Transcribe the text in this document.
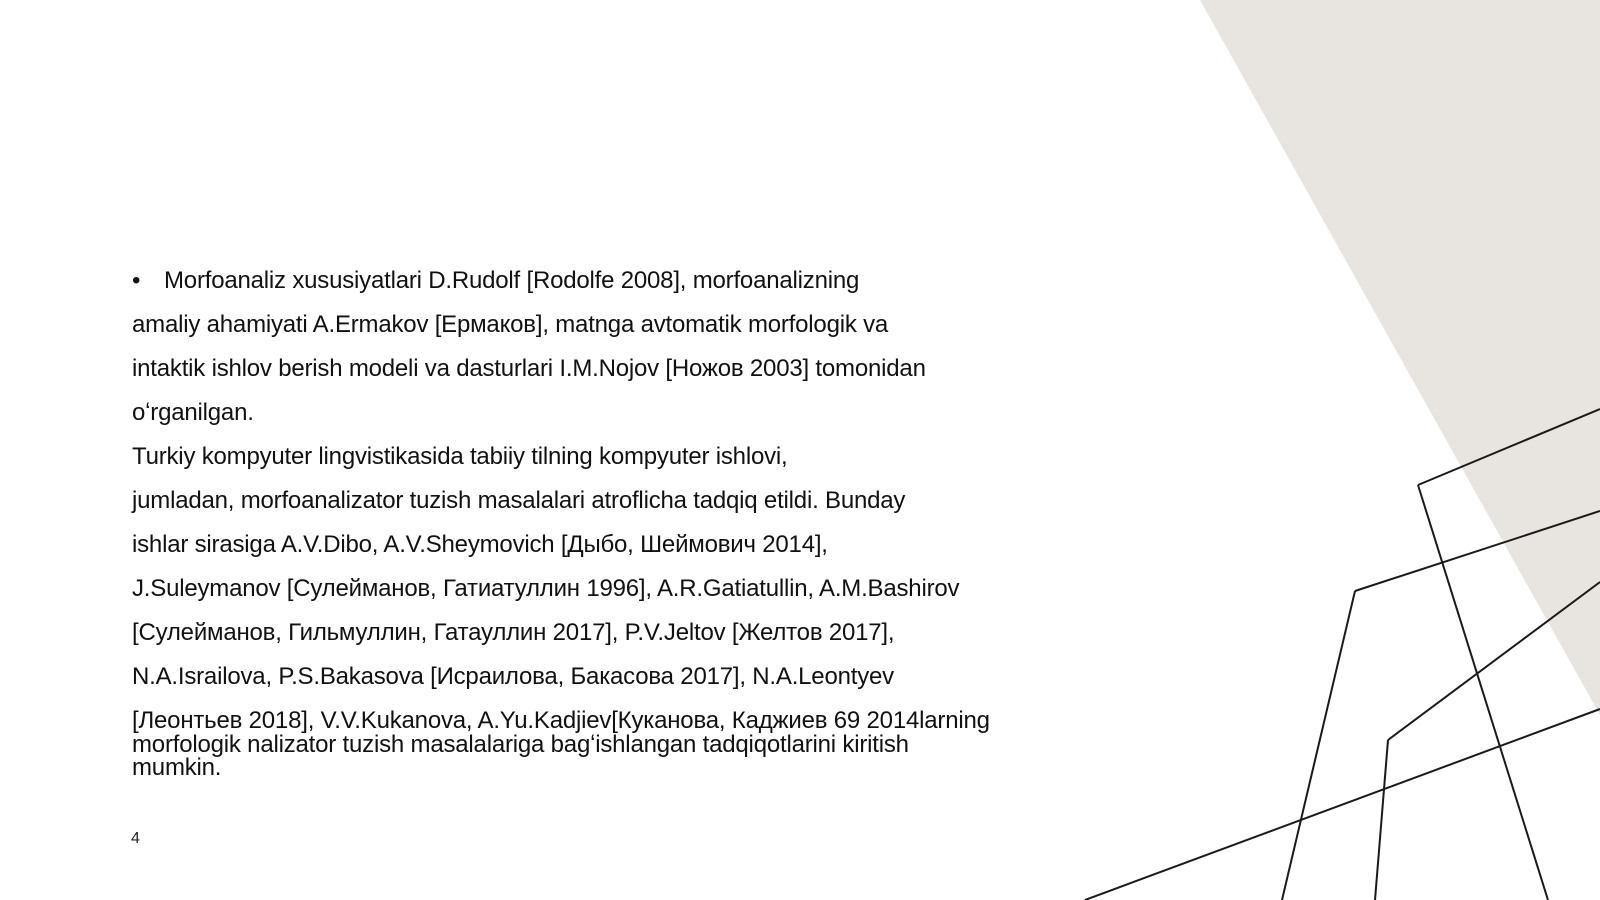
• Morfoanaliz xususiyatlari D.Rudolf [Rodolfe 2008], morfoanalizning
amaliy ahamiyati A.Ermakov [Ермаков], matnga avtomatik morfologik va
intaktik ishlov berish modeli va dasturlari I.M.Nojov [Ножов 2003] tomonidan
oʻrganilgan.
Turkiy kompyuter lingvistikasida tabiiy tilning kompyuter ishlovi,
jumladan, morfoanalizator tuzish masalalari atroflicha tadqiq etildi. Bunday
ishlar sirasiga A.V.Dibo, A.V.Sheymovich [Дыбо, Шеймович 2014],
J.Suleymanov [Сулейманов, Гатиатуллин 1996], A.R.Gatiatullin, A.M.Bashirov
[Сулейманов, Гильмуллин, Гатауллин 2017], P.V.Jeltov [Желтов 2017],
N.A.Israilova, P.S.Bakasova [Исраилова, Бакасова 2017], N.A.Leontyev
[Леонтьев 2018], V.V.Kukanova, A.Yu.Kadjiev[Куканова, Каджиев 69 2014larning
morfologik nalizator tuzish masalalariga bagʻishlangan tadqiqotlarini kiritish
mumkin.
4
